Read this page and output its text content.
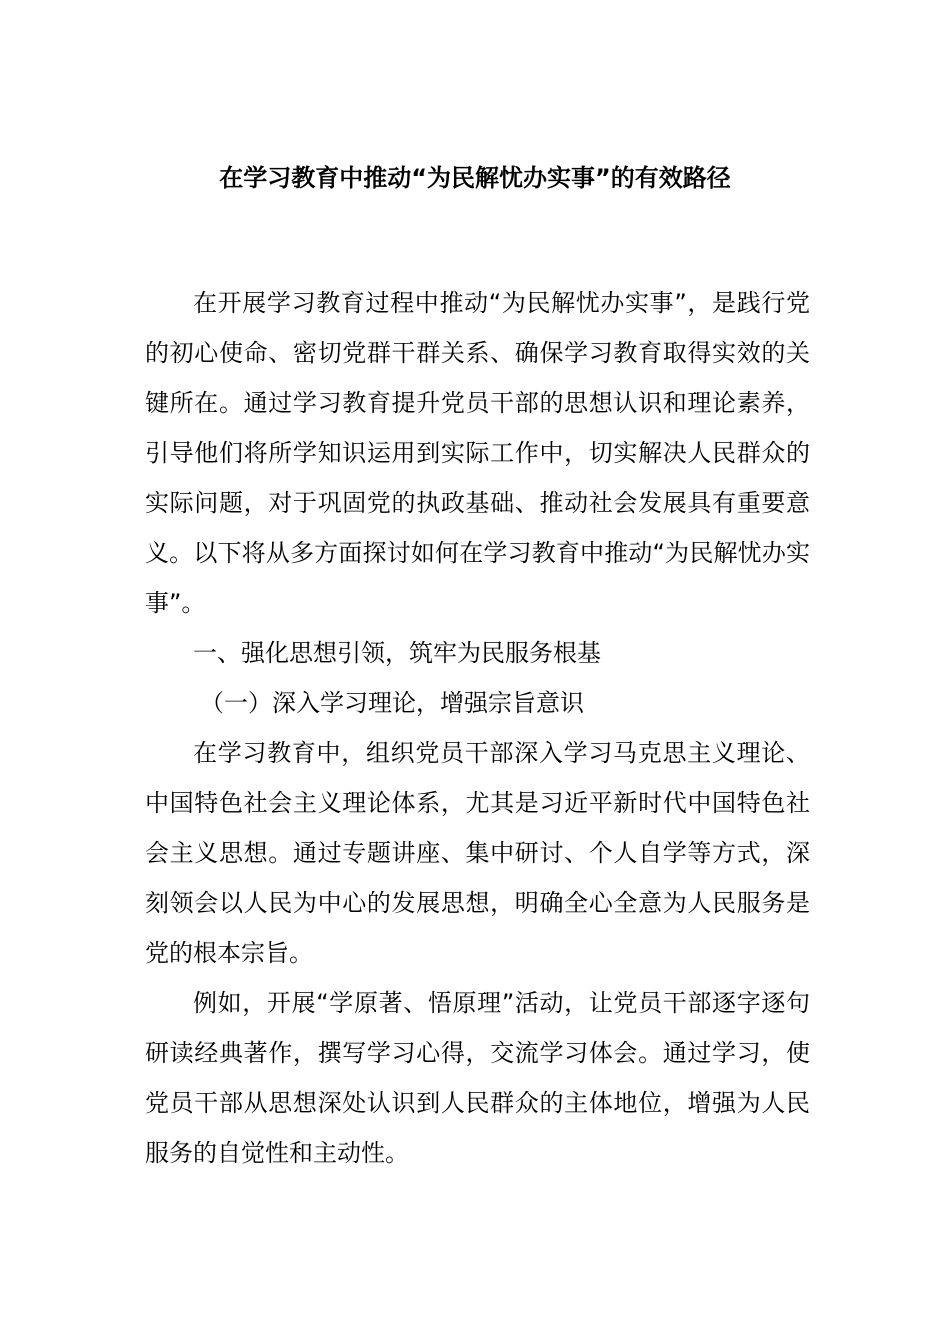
在学习教育中推动“为民解忧办实事”的有效路径

在开展学习教育过程中推动“为民解忧办实事”，是践行党的初心使命、密切党群干群关系、确保学习教育取得实效的关键所在。通过学习教育提升党员干部的思想认识和理论素养，引导他们将所学知识运用到实际工作中，切实解决人民群众的实际问题，对于巩固党的执政基础、推动社会发展具有重要意义。以下将从多方面探讨如何在学习教育中推动“为民解忧办实事”。

一、强化思想引领，筑牢为民服务根基

（一）深入学习理论，增强宗旨意识

在学习教育中，组织党员干部深入学习马克思主义理论、中国特色社会主义理论体系，尤其是习近平新时代中国特色社会主义思想。通过专题讲座、集中研讨、个人自学等方式，深刻领会以人民为中心的发展思想，明确全心全意为人民服务是党的根本宗旨。

例如，开展“学原著、悟原理”活动，让党员干部逐字逐句研读经典著作，撰写学习心得，交流学习体会。通过学习，使党员干部从思想深处认识到人民群众的主体地位，增强为人民服务的自觉性和主动性。
